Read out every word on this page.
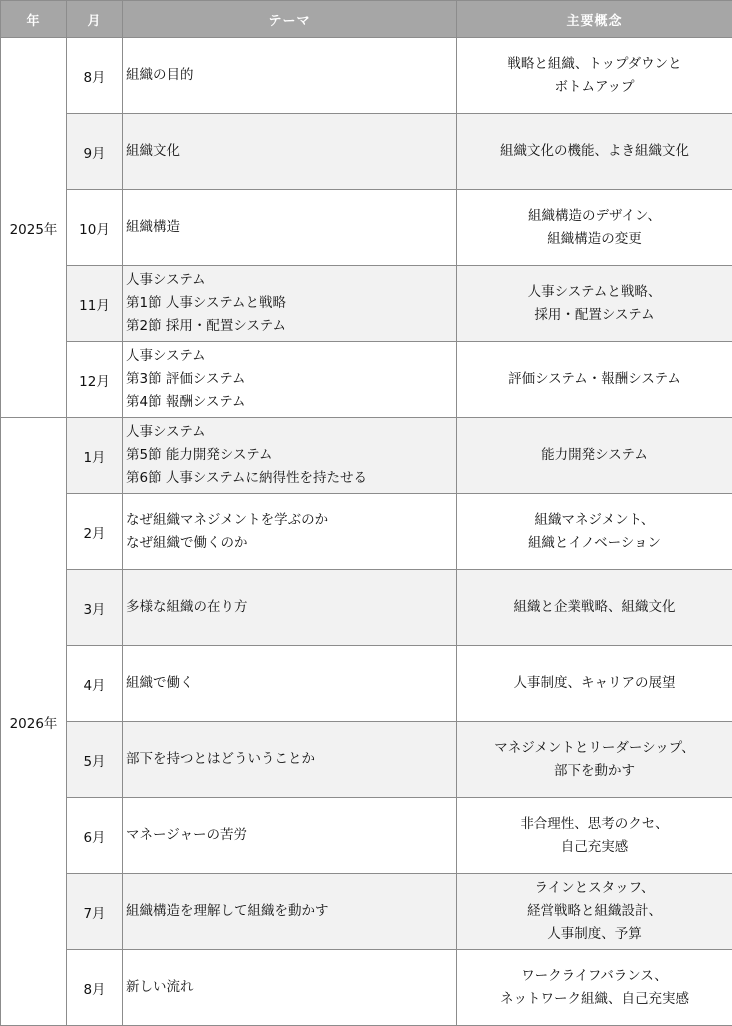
年	月	テーマ	主要概念
2025年	8月	組織の目的	戦略と組織、トップダウンと
ボトムアップ

	9月	組織文化	組織文化の機能、よき組織文化

	10月	組織構造	組織構造のデザイン、
組織構造の変更

	11月	人事システム
第1節 人事システムと戦略
第2節 採用・配置システム	人事システムと戦略、
採用・配置システム

	12月	人事システム
第3節 評価システム
第4節 報酬システム	評価システム・報酬システム

2026年	1月	人事システム
第5節 能力開発システム
第6節 人事システムに納得性を持たせる	能力開発システム

	2月	なぜ組織マネジメントを学ぶのか
なぜ組織で働くのか	組織マネジメント、
組織とイノベーション

	3月	多様な組織の在り方	組織と企業戦略、組織文化

	4月	組織で働く	人事制度、キャリアの展望

	5月	部下を持つとはどういうことか	マネジメントとリーダーシップ、
部下を動かす

	6月	マネージャーの苦労	非合理性、思考のクセ、
自己充実感

	7月	組織構造を理解して組織を動かす	ラインとスタッフ、
経営戦略と組織設計、
人事制度、予算

	8月	新しい流れ	ワークライフバランス、
ネットワーク組織、自己充実感
